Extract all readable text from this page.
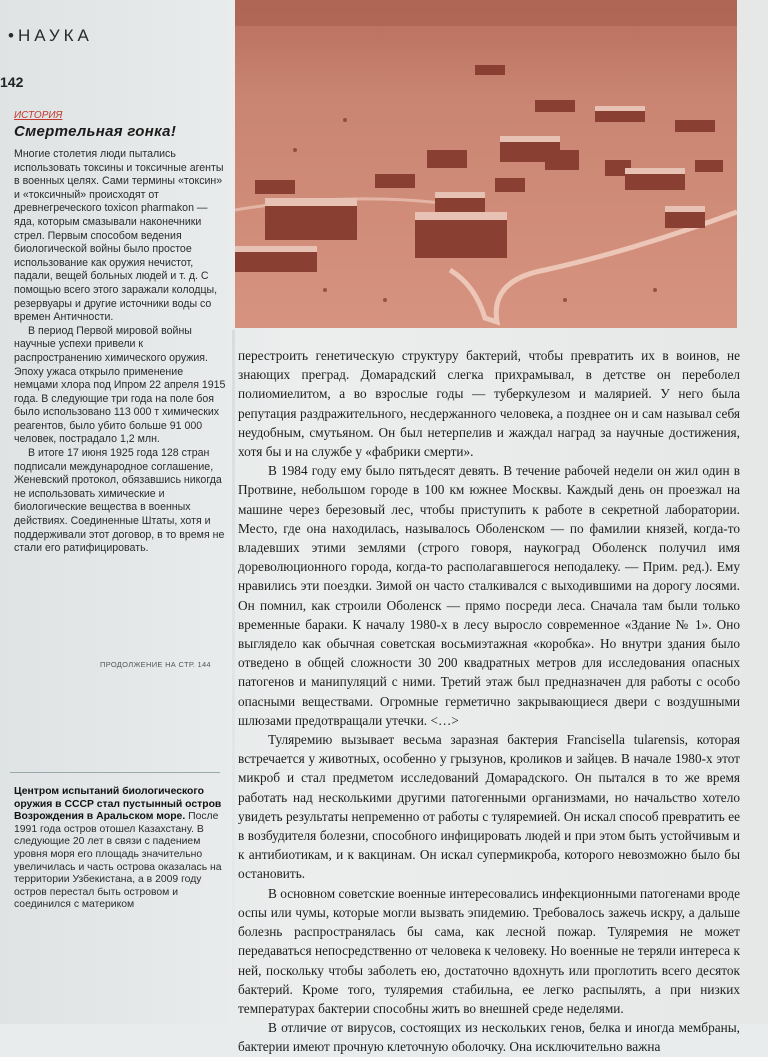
•НАУКА
142
ИСТОРИЯ
Смертельная гонка!

Многие столетия люди пытались использовать токсины и токсичные агенты в военных целях. Сами термины «токсин» и «токсичный» происходят от древнегреческого toxicon pharmakon — яда, которым смазывали наконечники стрел. Первым способом ведения биологической войны было простое использование как оружия нечистот, падали, вещей больных людей и т. д. С помощью всего этого заражали колодцы, резервуары и другие источники воды со времен Античности.

В период Первой мировой войны научные успехи привели к распространению химического оружия. Эпоху ужаса открыло применение немцами хлора под Ипром 22 апреля 1915 года. В следующие три года на поле боя было использовано 113 000 т химических реагентов, было убито больше 91 000 человек, пострадало 1,2 млн.

В итоге 17 июня 1925 года 128 стран подписали международное соглашение, Женевский протокол, обязавшись никогда не использовать химические и биологические вещества в военных действиях. Соединенные Штаты, хотя и поддерживали этот договор, в то время не стали его ратифицировать.

ПРОДОЛЖЕНИЕ НА СТР. 144
Центром испытаний биологического оружия в СССР стал пустынный остров Возрождения в Аральском море. После 1991 года остров отошел Казахстану. В следующие 20 лет в связи с падением уровня моря его площадь значительно увеличилась и часть острова оказалась на территории Узбекистана, а в 2009 году остров перестал быть островом и соединился с материком

перестроить генетическую структуру бактерий, чтобы превратить их в воинов, не знающих преград. Домарадский слегка прихрамывал, в детстве он переболел полиомиелитом, а во взрослые годы — туберкулезом и малярией. У него была репутация раздражительного, несдержанного человека, а позднее он и сам называл себя неудобным, смутьяном. Он был нетерпелив и жаждал наград за научные достижения, хотя бы и на службе у «фабрики смерти».

В 1984 году ему было пятьдесят девять. В течение рабочей недели он жил один в Протвине, небольшом городе в 100 км южнее Москвы. Каждый день он проезжал на машине через березовый лес, чтобы приступить к работе в секретной лаборатории. Место, где она находилась, называлось Оболенском — по фамилии князей, когда-то владевших этими землями (строго говоря, наукоград Оболенск получил имя дореволюционного города, когда-то располагавшегося неподалеку. — Прим. ред.). Ему нравились эти поездки. Зимой он часто сталкивался с выходившими на дорогу лосями. Он помнил, как строили Оболенск — прямо посреди леса. Сначала там были только временные бараки. К началу 1980-х в лесу выросло современное «Здание № 1». Оно выглядело как обычная советская восьмиэтажная «коробка». Но внутри здания было отведено в общей сложности 30 200 квадратных метров для исследования опасных патогенов и манипуляций с ними. Третий этаж был предназначен для работы с особо опасными веществами. Огромные герметично закрывающиеся двери с воздушными шлюзами предотвращали утечки. <…>

Туляремию вызывает весьма заразная бактерия Francisella tularensis, которая встречается у животных, особенно у грызунов, кроликов и зайцев. В начале 1980-х этот микроб и стал предметом исследований Домарадского. Он пытался в то же время работать над несколькими другими патогенными организмами, но начальство хотело увидеть результаты непременно от работы с туляремией. Он искал способ превратить ее в возбудителя болезни, способного инфицировать людей и при этом быть устойчивым и к антибиотикам, и к вакцинам. Он искал супермикроба, которого невозможно было бы остановить.

В основном советские военные интересовались инфекционными патогенами вроде оспы или чумы, которые могли вызвать эпидемию. Требовалось зажечь искру, а дальше болезнь распространялась бы сама, как лесной пожар. Туляремия не может передаваться непосредственно от человека к человеку. Но военные не теряли интереса к ней, поскольку чтобы заболеть ею, достаточно вдохнуть или проглотить всего десяток бактерий. Кроме того, туляремия стабильна, ее легко распылять, а при низких температурах бактерии способны жить во внешней среде неделями.

В отличие от вирусов, состоящих из нескольких генов, белка и иногда мембраны, бактерии имеют прочную клеточную оболочку. Она исключительно важна
